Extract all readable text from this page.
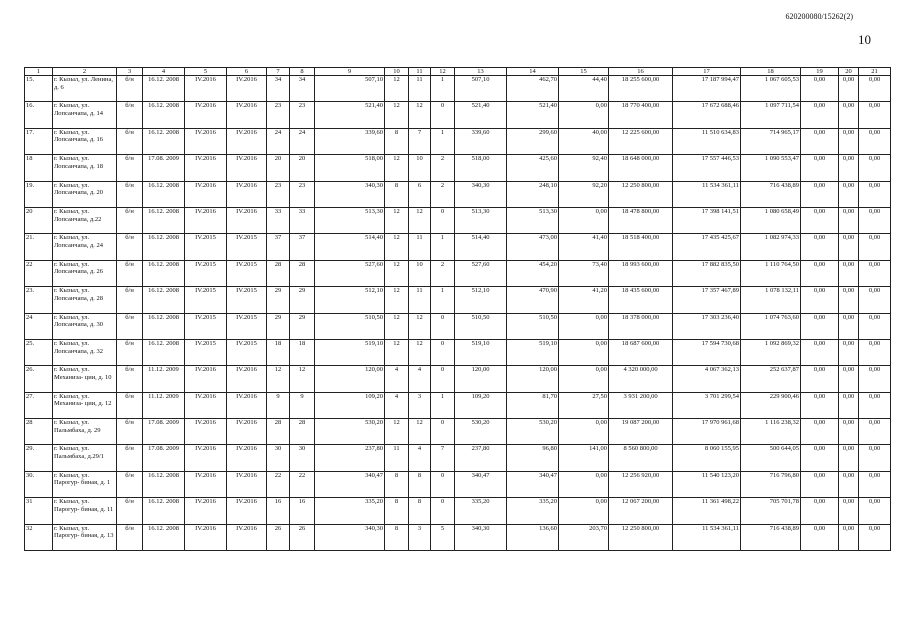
620200080/15262(2)
10
1	2	3	4	5	6	7	8	9	10	11	12	13	14	15	16	17	18	19	20	21
15.	г. Кызыл, ул. Ленина, д. 6	б/н	16.12. 2008	IV.2016	IV.2016	34	34	507,10	12	11	1	507,10	462,70	44,40	18 255 600,00	17 187 994,47	1 067 605,53	0,00	0,00	0,00
16.	г. Кызыл, ул. Лопсанчапа, д. 14	б/н	16.12. 2008	IV.2016	IV.2016	23	23	521,40	12	12	0	521,40	521,40	0,00	18 770 400,00	17 672 688,46	1 097 711,54	0,00	0,00	0,00
17.	г. Кызыл, ул. Лопсанчапа, д. 16	б/н	16.12. 2008	IV.2016	IV.2016	24	24	339,60	8	7	1	339,60	299,60	40,00	12 225 600,00	11 510 634,83	714 965,17	0,00	0,00	0,00
18	г. Кызыл, ул. Лопсанчапа, д. 18	б/н	17.08. 2009	IV.2016	IV.2016	20	20	518,00	12	10	2	518,00	425,60	92,40	18 648 000,00	17 557 446,53	1 090 553,47	0,00	0,00	0,00
19.	г. Кызыл, ул. Лопсанчапа, д. 20	б/н	16.12. 2008	IV.2016	IV.2016	23	23	340,30	8	6	2	340,30	248,10	92,20	12 250 800,00	11 534 361,11	716 438,89	0,00	0,00	0,00
20	г. Кызыл, ул. Лопсанчапа, д.22	б/н	16.12. 2008	IV.2016	IV.2016	33	33	513,30	12	12	0	513,30	513,30	0,00	18 478 800,00	17 398 141,51	1 080 658,49	0,00	0,00	0,00
21.	г. Кызыл, ул. Лопсанчапа, д. 24	б/н	16.12. 2008	IV.2015	IV.2015	37	37	514,40	12	11	1	514,40	473,00	41,40	18 518 400,00	17 435 425,67	1 082 974,33	0,00	0,00	0,00
22	г. Кызыл, ул. Лопсанчапа, д. 26	б/н	16.12. 2008	IV.2015	IV.2015	28	28	527,60	12	10	2	527,60	454,20	73,40	18 993 600,00	17 882 835,50	1 110 764,50	0,00	0,00	0,00
23.	г. Кызыл, ул. Лопсанчапа, д. 28	б/н	16.12. 2008	IV.2015	IV.2015	29	29	512,10	12	11	1	512,10	470,90	41,20	18 435 600,00	17 357 467,89	1 078 132,11	0,00	0,00	0,00
24	г. Кызыл, ул. Лопсанчапа, д. 30	б/н	16.12. 2008	IV.2015	IV.2015	29	29	510,50	12	12	0	510,50	510,50	0,00	18 378 000,00	17 303 236,40	1 074 763,60	0,00	0,00	0,00
25.	г. Кызыл, ул. Лопсанчапа, д. 32	б/н	16.12. 2008	IV.2015	IV.2015	18	18	519,10	12	12	0	519,10	519,10	0,00	18 687 600,00	17 594 730,68	1 092 869,32	0,00	0,00	0,00
26.	г. Кызыл, ул. Механиза- ции, д. 10	б/н	11.12. 2009	IV.2016	IV.2016	12	12	120,00	4	4	0	120,00	120,00	0,00	4 320 000,00	4 067 362,13	252 637,87	0,00	0,00	0,00
27.	г. Кызыл, ул. Механиза- ции, д. 12	б/н	11.12. 2009	IV.2016	IV.2016	9	9	109,20	4	3	1	109,20	81,70	27,50	3 931 200,00	3 701 299,54	229 900,46	0,00	0,00	0,00
28	г. Кызыл, ул. Пальмбаха, д. 29	б/н	17.08. 2009	IV.2016	IV.2016	28	28	530,20	12	12	0	530,20	530,20	0,00	19 087 200,00	17 970 961,68	1 116 238,32	0,00	0,00	0,00
29.	г. Кызыл, ул. Пальмбаха, д.29/1	б/н	17.08. 2009	IV.2016	IV.2016	30	30	237,80	11	4	7	237,80	96,80	141,00	8 560 800,00	8 060 155,95	500 644,05	0,00	0,00	0,00
30.	г. Кызыл, ул. Парогур- биная, д. 1	б/н	16.12. 2008	IV.2016	IV.2016	22	22	340,47	8	8	0	340,47	340,47	0,00	12 256 920,00	11 540 123,20	716 796,80	0,00	0,00	0,00
31	г. Кызыл, ул. Парогур- биная, д. 11	б/н	16.12. 2008	IV.2016	IV.2016	16	16	335,20	8	8	0	335,20	335,20	0,00	12 067 200,00	11 361 498,22	705 701,78	0,00	0,00	0,00
32	г. Кызыл, ул. Парогур- биная, д. 13	б/н	16.12. 2008	IV.2016	IV.2016	26	26	340,30	8	3	5	340,30	136,60	203,70	12 250 800,00	11 534 361,11	716 438,89	0,00	0,00	0,00
